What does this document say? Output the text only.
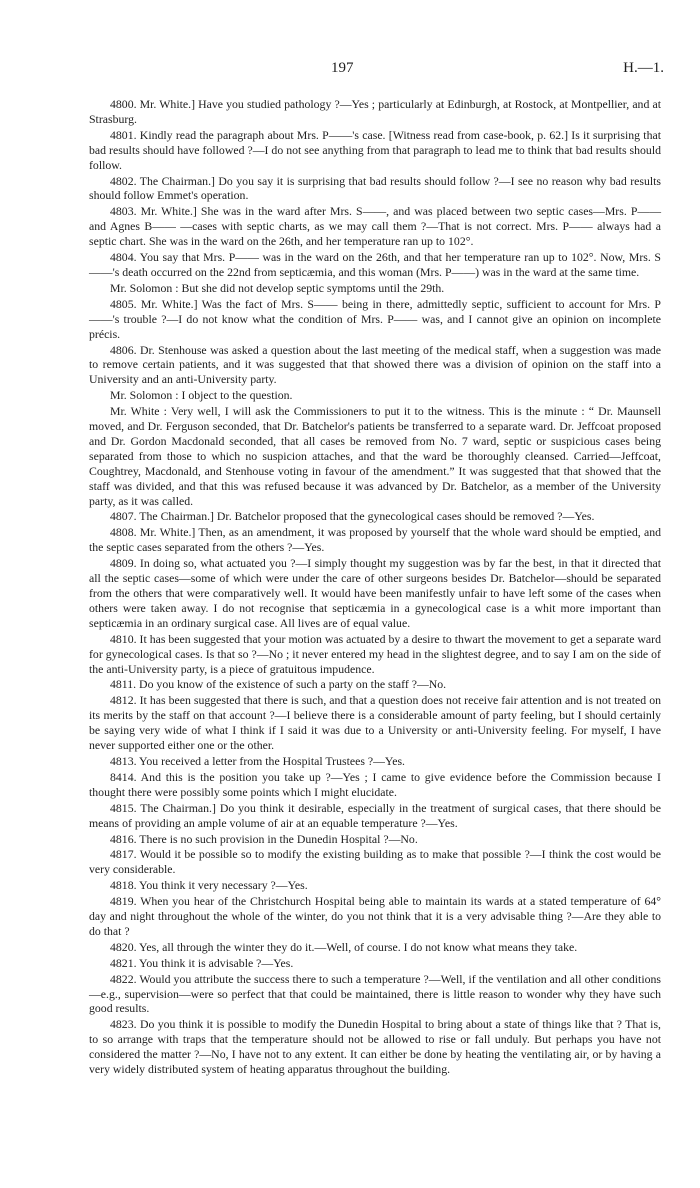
197	H.—1.

4800. Mr. White.] Have you studied pathology ?—Yes ; particularly at Edinburgh, at Rostock, at Montpellier, and at Strasburg.

4801. Kindly read the paragraph about Mrs. P——'s case. [Witness read from case-book, p. 62.] Is it surprising that bad results should have followed ?—I do not see anything from that paragraph to lead me to think that bad results should follow.

4802. The Chairman.] Do you say it is surprising that bad results should follow ?—I see no reason why bad results should follow Emmet's operation.

4803. Mr. White.] She was in the ward after Mrs. S——, and was placed between two septic cases—Mrs. P—— and Agnes B—— —cases with septic charts, as we may call them ?—That is not correct. Mrs. P—— always had a septic chart. She was in the ward on the 26th, and her temperature ran up to 102°.

4804. You say that Mrs. P—— was in the ward on the 26th, and that her temperature ran up to 102°. Now, Mrs. S——'s death occurred on the 22nd from septicæmia, and this woman (Mrs. P——) was in the ward at the same time.

Mr. Solomon : But she did not develop septic symptoms until the 29th.

4805. Mr. White.] Was the fact of Mrs. S—— being in there, admittedly septic, sufficient to account for Mrs. P——'s trouble ?—I do not know what the condition of Mrs. P—— was, and I cannot give an opinion on incomplete précis.

4806. Dr. Stenhouse was asked a question about the last meeting of the medical staff, when a suggestion was made to remove certain patients, and it was suggested that that showed there was a division of opinion on the staff into a University and an anti-University party.

Mr. Solomon : I object to the question.

Mr. White : Very well, I will ask the Commissioners to put it to the witness. This is the minute : “ Dr. Maunsell moved, and Dr. Ferguson seconded, that Dr. Batchelor's patients be transferred to a separate ward. Dr. Jeffcoat proposed and Dr. Gordon Macdonald seconded, that all cases be removed from No. 7 ward, septic or suspicious cases being separated from those to which no suspicion attaches, and that the ward be thoroughly cleansed. Carried—Jeffcoat, Coughtrey, Macdonald, and Stenhouse voting in favour of the amendment.” It was suggested that that showed that the staff was divided, and that this was refused because it was advanced by Dr. Batchelor, as a member of the University party, as it was called.

4807. The Chairman.] Dr. Batchelor proposed that the gynecological cases should be removed ?—Yes.

4808. Mr. White.] Then, as an amendment, it was proposed by yourself that the whole ward should be emptied, and the septic cases separated from the others ?—Yes.

4809. In doing so, what actuated you ?—I simply thought my suggestion was by far the best, in that it directed that all the septic cases—some of which were under the care of other surgeons besides Dr. Batchelor—should be separated from the others that were comparatively well. It would have been manifestly unfair to have left some of the cases when others were taken away. I do not recognise that septicæmia in a gynecological case is a whit more important than septicæmia in an ordinary surgical case. All lives are of equal value.

4810. It has been suggested that your motion was actuated by a desire to thwart the movement to get a separate ward for gynecological cases. Is that so ?—No ; it never entered my head in the slightest degree, and to say I am on the side of the anti-University party, is a piece of gratuitous impudence.

4811. Do you know of the existence of such a party on the staff ?—No.

4812. It has been suggested that there is such, and that a question does not receive fair attention and is not treated on its merits by the staff on that account ?—I believe there is a considerable amount of party feeling, but I should certainly be saying very wide of what I think if I said it was due to a University or anti-University feeling. For myself, I have never supported either one or the other.

4813. You received a letter from the Hospital Trustees ?—Yes.

8414. And this is the position you take up ?—Yes ; I came to give evidence before the Commission because I thought there were possibly some points which I might elucidate.

4815. The Chairman.] Do you think it desirable, especially in the treatment of surgical cases, that there should be means of providing an ample volume of air at an equable temperature ?—Yes.

4816. There is no such provision in the Dunedin Hospital ?—No.

4817. Would it be possible so to modify the existing building as to make that possible ?—I think the cost would be very considerable.

4818. You think it very necessary ?—Yes.

4819. When you hear of the Christchurch Hospital being able to maintain its wards at a stated temperature of 64° day and night throughout the whole of the winter, do you not think that it is a very advisable thing ?—Are they able to do that ?

4820. Yes, all through the winter they do it.—Well, of course. I do not know what means they take.

4821. You think it is advisable ?—Yes.

4822. Would you attribute the success there to such a temperature ?—Well, if the ventilation and all other conditions—e.g., supervision—were so perfect that that could be maintained, there is little reason to wonder why they have such good results.

4823. Do you think it is possible to modify the Dunedin Hospital to bring about a state of things like that ? That is, to so arrange with traps that the temperature should not be allowed to rise or fall unduly. But perhaps you have not considered the matter ?—No, I have not to any extent. It can either be done by heating the ventilating air, or by having a very widely distributed system of heating apparatus throughout the building.
